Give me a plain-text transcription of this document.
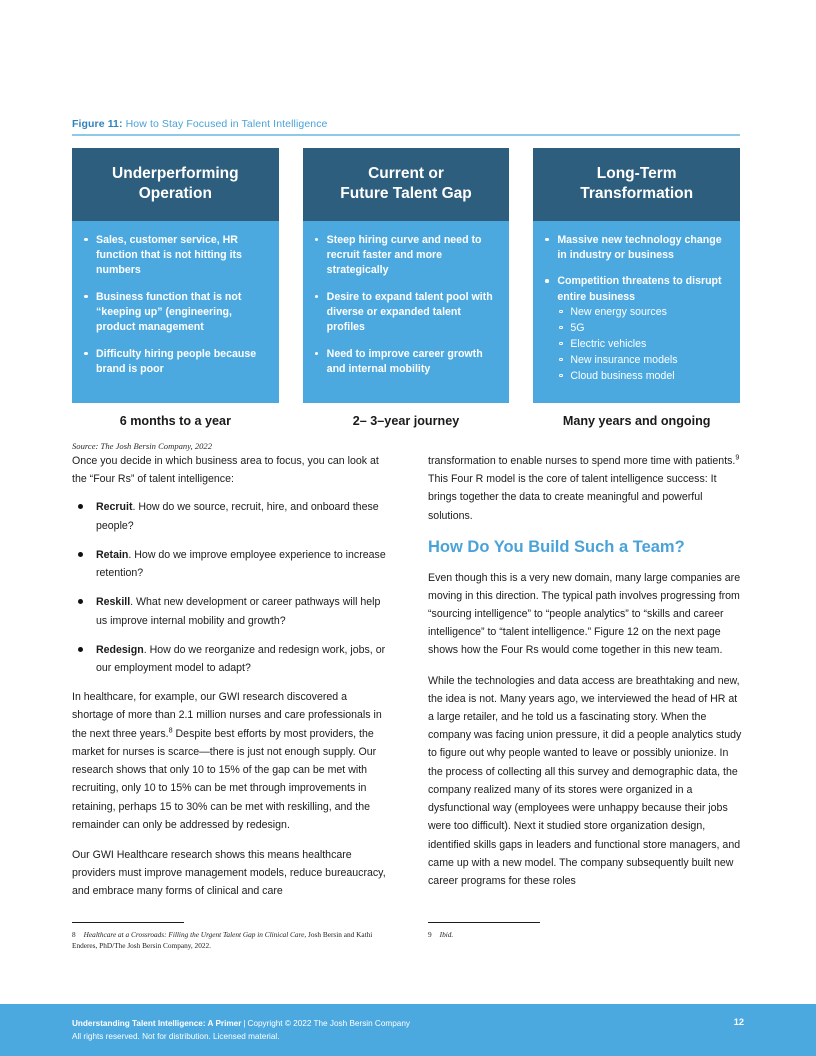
Figure 11: How to Stay Focused in Talent Intelligence
Underperforming
Operation
Sales, customer service, HR function that is not hitting its numbers
Business function that is not “keeping up” (engineering, product management
Difficulty hiring people because brand is poor
6 months to a year
Current or
Future Talent Gap
Steep hiring curve and need to recruit faster and more strategically
Desire to expand talent pool with diverse or expanded talent profiles
Need to improve career growth and internal mobility
2– 3–year journey
Long-Term
Transformation
Massive new technology change in industry or business
Competition threatens to disrupt entire business
New energy sources
5G
Electric vehicles
New insurance models
Cloud business model
Many years and ongoing
Source: The Josh Bersin Company, 2022

Once you decide in which business area to focus, you can look at the “Four Rs” of talent intelligence:

Recruit. How do we source, recruit, hire, and onboard these people?
Retain. How do we improve employee experience to increase retention?
Reskill. What new development or career pathways will help us improve internal mobility and growth?
Redesign. How do we reorganize and redesign work, jobs, or our employment model to adapt?

In healthcare, for example, our GWI research discovered a shortage of more than 2.1 million nurses and care professionals in the next three years.$^8$ Despite best efforts by most providers, the market for nurses is scarce—there is just not enough supply. Our research shows that only 10 to 15% of the gap can be met with recruiting, only 10 to 15% can be met through improvements in retaining, perhaps 15 to 30% can be met with reskilling, and the remainder can only be addressed by redesign.

Our GWI Healthcare research shows this means healthcare providers must improve management models, reduce bureaucracy, and embrace many forms of clinical and care

transformation to enable nurses to spend more time with patients.$^9$ This Four R model is the core of talent intelligence success: It brings together the data to create meaningful and powerful solutions.

How Do You Build Such a Team?

Even though this is a very new domain, many large companies are moving in this direction. The typical path involves progressing from “sourcing intelligence” to “people analytics” to “skills and career intelligence” to “talent intelligence.” Figure 12 on the next page shows how the Four Rs would come together in this new team.

While the technologies and data access are breathtaking and new, the idea is not. Many years ago, we interviewed the head of HR at a large retailer, and he told us a fascinating story. When the company was facing union pressure, it did a people analytics study to figure out why people wanted to leave or possibly unionize. In the process of collecting all this survey and demographic data, the company realized many of its stores were organized in a dysfunctional way (employees were unhappy because their jobs were too difficult). Next it studied store organization design, identified skills gaps in leaders and functional store managers, and came up with a new model. The company subsequently built new career programs for these roles

8 Healthcare at a Crossroads: Filling the Urgent Talent Gap in Clinical Care, Josh Bersin and Kathi Enderes, PhD/The Josh Bersin Company, 2022.
9 Ibid.
Understanding Talent Intelligence: A Primer | Copyright © 2022 The Josh Bersin Company
All rights reserved. Not for distribution. Licensed material.
12
